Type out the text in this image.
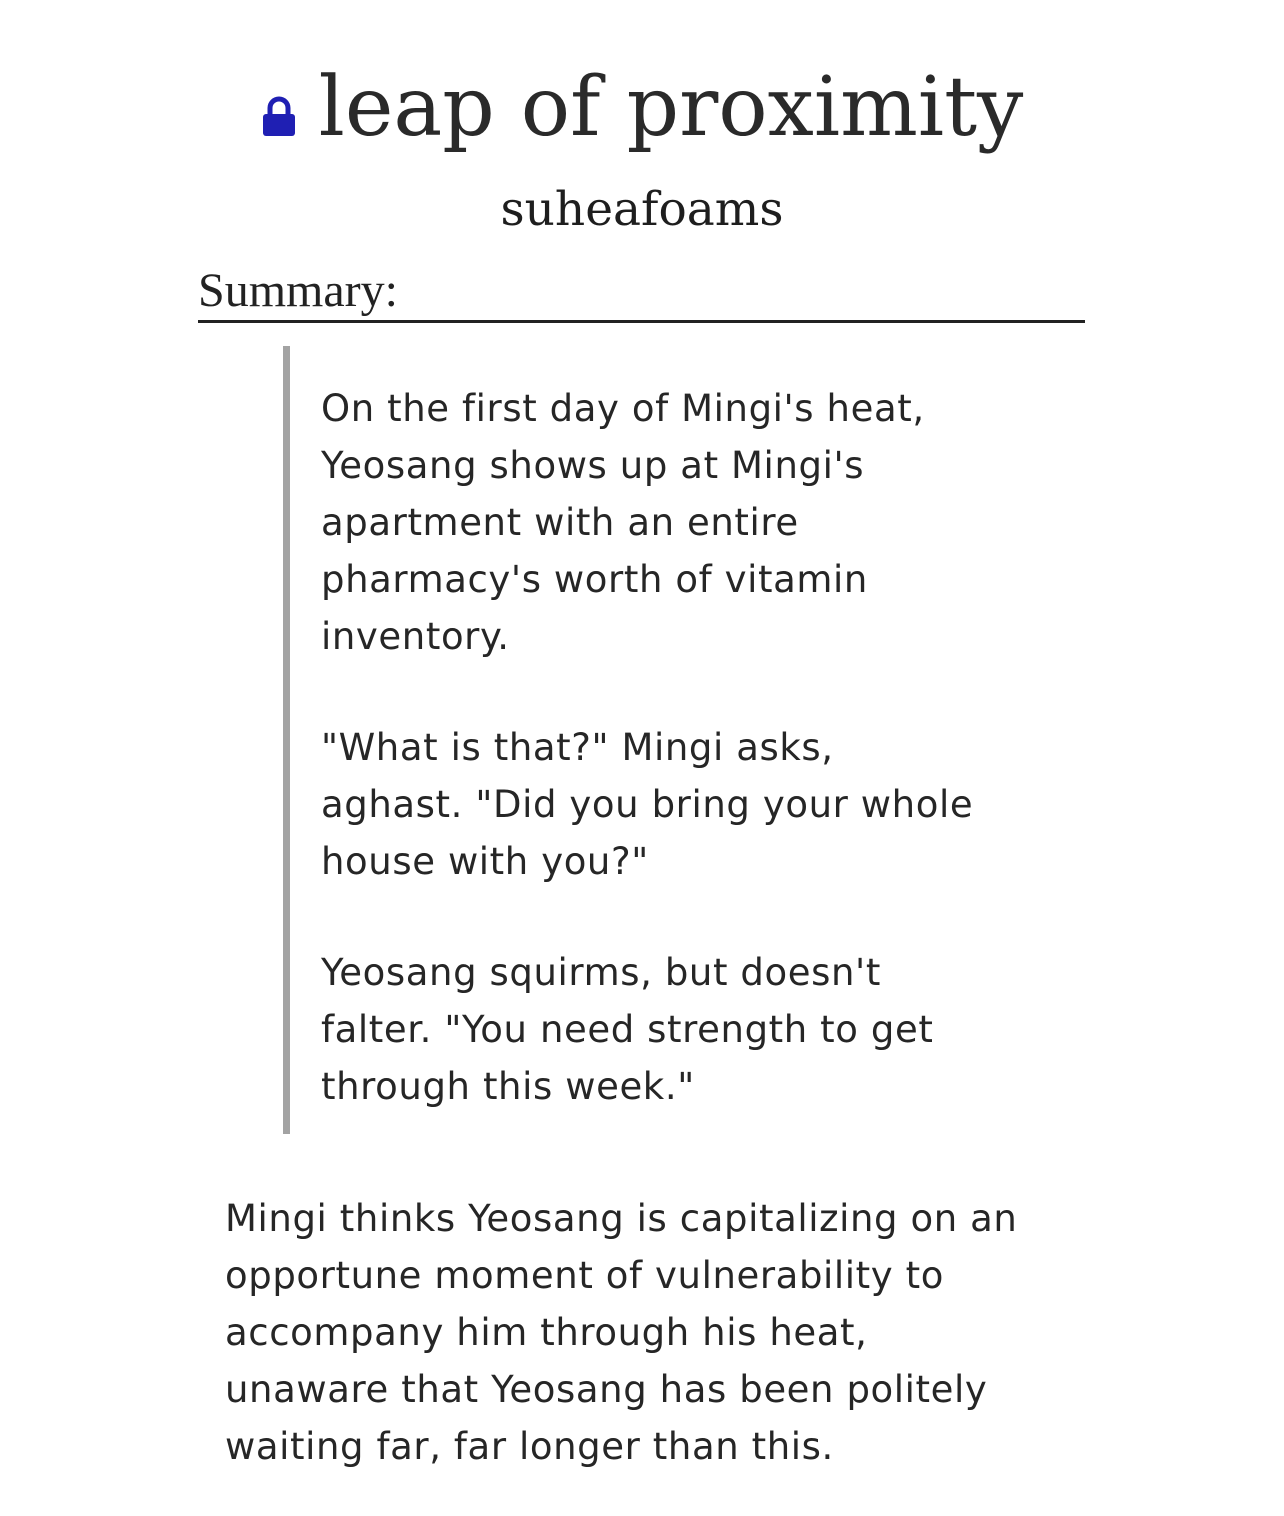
leap of proximity
suheafoams
Summary:

On the first day of Mingi's heat,
Yeosang shows up at Mingi's
apartment with an entire
pharmacy's worth of vitamin
inventory.

"What is that?" Mingi asks,
aghast. "Did you bring your whole
house with you?"

Yeosang squirms, but doesn't
falter. "You need strength to get
through this week."

Mingi thinks Yeosang is capitalizing on an
opportune moment of vulnerability to
accompany him through his heat,
unaware that Yeosang has been politely
waiting far, far longer than this.
